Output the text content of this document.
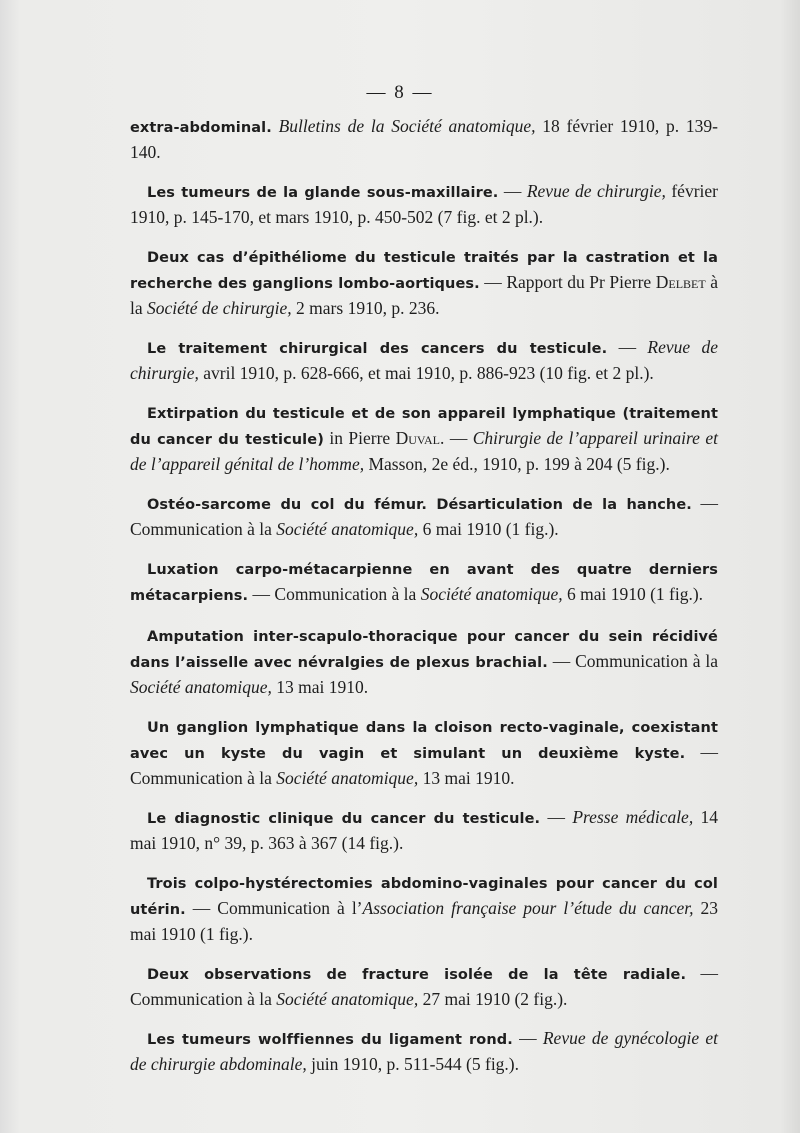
— 8 —

extra-abdominal. Bulletins de la Société anatomique, 18 février 1910, p. 139-140.

Les tumeurs de la glande sous-maxillaire. — Revue de chirurgie, février 1910, p. 145-170, et mars 1910, p. 450-502 (7 fig. et 2 pl.).

Deux cas d’épithéliome du testicule traités par la castration et la recherche des ganglions lombo-aortiques. — Rapport du Pr Pierre Delbet à la Société de chirurgie, 2 mars 1910, p. 236.

Le traitement chirurgical des cancers du testicule. — Revue de chirurgie, avril 1910, p. 628-666, et mai 1910, p. 886-923 (10 fig. et 2 pl.).

Extirpation du testicule et de son appareil lymphatique (traitement du cancer du testicule) in Pierre Duval. — Chirurgie de l’appareil urinaire et de l’appareil génital de l’homme, Masson, 2e éd., 1910, p. 199 à 204 (5 fig.).

Ostéo-sarcome du col du fémur. Désarticulation de la hanche. — Communication à la Société anatomique, 6 mai 1910 (1 fig.).

Luxation carpo-métacarpienne en avant des quatre derniers métacarpiens. — Communication à la Société anatomique, 6 mai 1910 (1 fig.).

Amputation inter-scapulo-thoracique pour cancer du sein récidivé dans l’aisselle avec névralgies de plexus brachial. — Communication à la Société anatomique, 13 mai 1910.

Un ganglion lymphatique dans la cloison recto-vaginale, coexistant avec un kyste du vagin et simulant un deuxième kyste. — Communication à la Société anatomique, 13 mai 1910.

Le diagnostic clinique du cancer du testicule. — Presse médicale, 14 mai 1910, n° 39, p. 363 à 367 (14 fig.).

Trois colpo-hystérectomies abdomino-vaginales pour cancer du col utérin. — Communication à l’Association française pour l’étude du cancer, 23 mai 1910 (1 fig.).

Deux observations de fracture isolée de la tête radiale. — Communication à la Société anatomique, 27 mai 1910 (2 fig.).

Les tumeurs wolffiennes du ligament rond. — Revue de gynécologie et de chirurgie abdominale, juin 1910, p. 511-544 (5 fig.).
